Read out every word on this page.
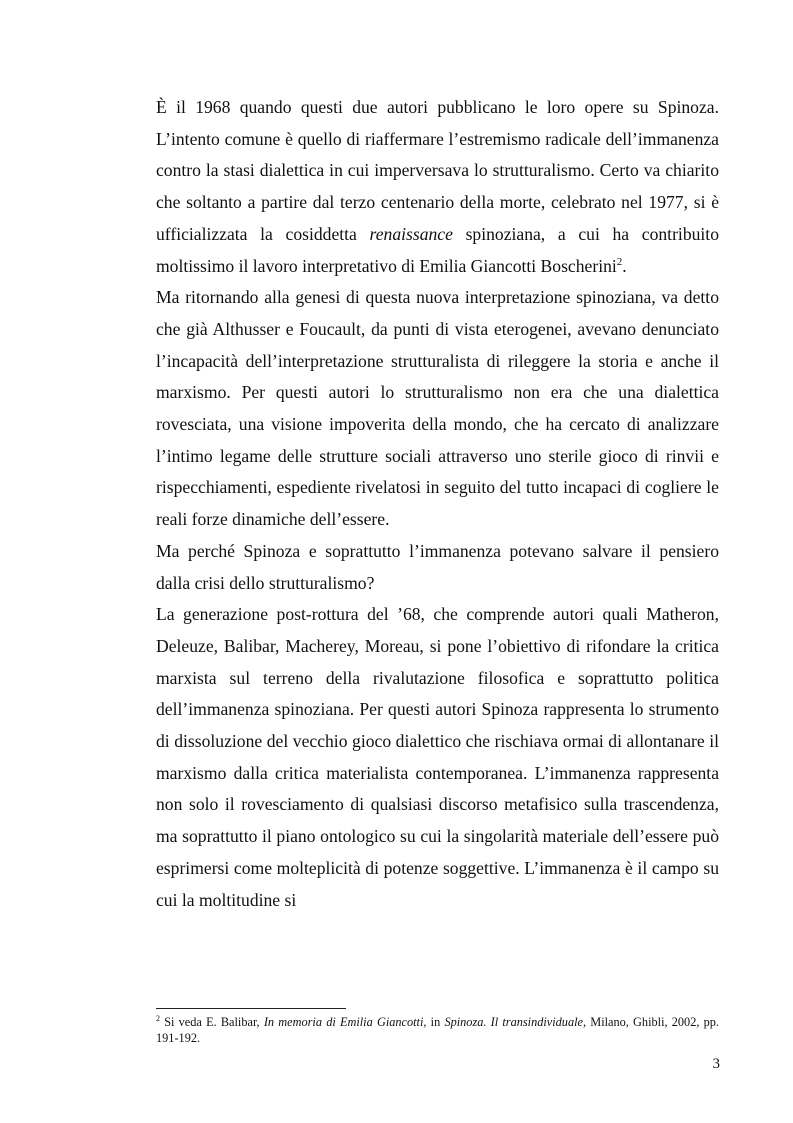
È il 1968 quando questi due autori pubblicano le loro opere su Spinoza. L’intento comune è quello di riaffermare l’estremismo radicale dell’immanenza contro la stasi dialettica in cui imperversava lo strutturalismo. Certo va chiarito che soltanto a partire dal terzo centenario della morte, celebrato nel 1977, si è ufficializzata la cosiddetta renaissance spinoziana, a cui ha contribuito moltissimo il lavoro interpretativo di Emilia Giancotti Boscherini$^2$.

Ma ritornando alla genesi di questa nuova interpretazione spinoziana, va detto che già Althusser e Foucault, da punti di vista eterogenei, avevano denunciato l’incapacità dell’interpretazione strutturalista di rileggere la storia e anche il marxismo. Per questi autori lo strutturalismo non era che una dialettica rovesciata, una visione impoverita della mondo, che ha cercato di analizzare l’intimo legame delle strutture sociali attraverso uno sterile gioco di rinvii e rispecchiamenti, espediente rivelatosi in seguito del tutto incapaci di cogliere le reali forze dinamiche dell’essere.

Ma perché Spinoza e soprattutto l’immanenza potevano salvare il pensiero dalla crisi dello strutturalismo?

La generazione post-rottura del ’68, che comprende autori quali Matheron, Deleuze, Balibar, Macherey, Moreau, si pone l’obiettivo di rifondare la critica marxista sul terreno della rivalutazione filosofica e soprattutto politica dell’immanenza spinoziana. Per questi autori Spinoza rappresenta lo strumento di dissoluzione del vecchio gioco dialettico che rischiava ormai di allontanare il marxismo dalla critica materialista contemporanea. L’immanenza rappresenta non solo il rovesciamento di qualsiasi discorso metafisico sulla trascendenza, ma soprattutto il piano ontologico su cui la singolarità materiale dell’essere può esprimersi come molteplicità di potenze soggettive. L’immanenza è il campo su cui la moltitudine si

$^2$ Si veda E. Balibar, In memoria di Emilia Giancotti, in Spinoza. Il transindividuale, Milano, Ghibli, 2002, pp. 191-192.

3
